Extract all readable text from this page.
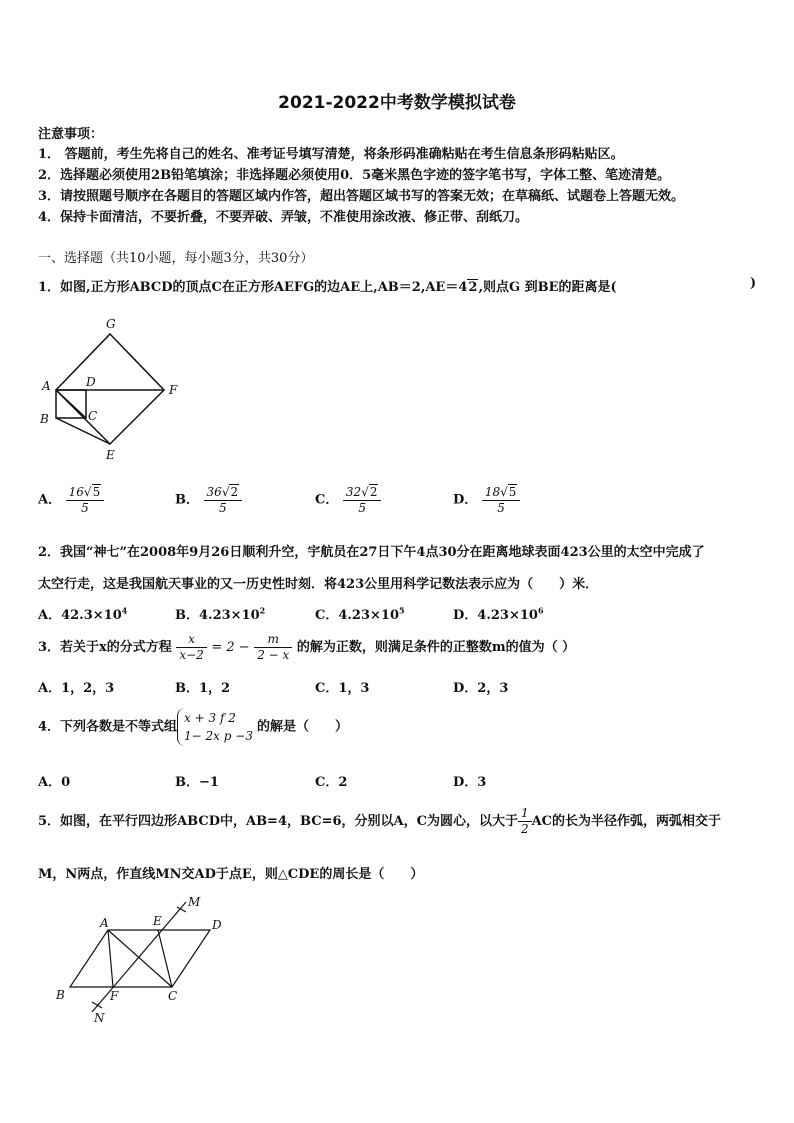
2021-2022中考数学模拟试卷
注意事项：
1． 答题前，考生先将自己的姓名、准考证号填写清楚，将条形码准确粘贴在考生信息条形码粘贴区。
2．选择题必须使用2B铅笔填涂；非选择题必须使用0．5毫米黑色字迹的签字笔书写，字体工整、笔迹清楚。
3．请按照题号顺序在各题目的答题区域内作答，超出答题区域书写的答案无效；在草稿纸、试题卷上答题无效。
4．保持卡面清洁，不要折叠，不要弄破、弄皱，不准使用涂改液、修正带、刮纸刀。
一、选择题（共10小题，每小题3分，共30分）
1．如图,正方形ABCD的顶点C在正方形AEFG的边AE上,AB＝2,AE＝42,则点G 到BE的距离是(	)
G
A	D
F
B	C
E
A． $\frac{16√5}{5}$	B． $\frac{36√2}{5}$	C． $\frac{32√2}{5}$	D． $\frac{18√5}{5}$
2．我国“神七”在2008年9月26日顺利升空，宇航员在27日下午4点30分在距离地球表面423公里的太空中完成了
太空行走，这是我国航天事业的又一历史性时刻．将423公里用科学记数法表示应为（　　）米．
A．$42.3\times 10^4$	B．$4.23\times 10^2$	C．$4.23\times 10^5$	D．$4.23\times 10^6$
3．若关于x的分式方程 $\frac{x}{x-2} = 2 - \frac{m}{2 - x}$ 的解为正数，则满足条件的正整数m的值为（ ）
A．1，2，3	B．1，2	C．1，3	D．2，3
4．下列各数是不等式组
x + 3 f 2
1− 2x p −3
的解是（　　）
A．0	B．−1	C．2	D．3
5．如图，在平行四边形ABCD中，AB=4，BC=6，分别以A，C为圆心，以大于 $\frac{1}{2}$ AC的长为半径作弧，两弧相交于
M，N两点，作直线MN交AD于点E，则△CDE的周长是（　　）
M
A	E	D
B	F	C
N
